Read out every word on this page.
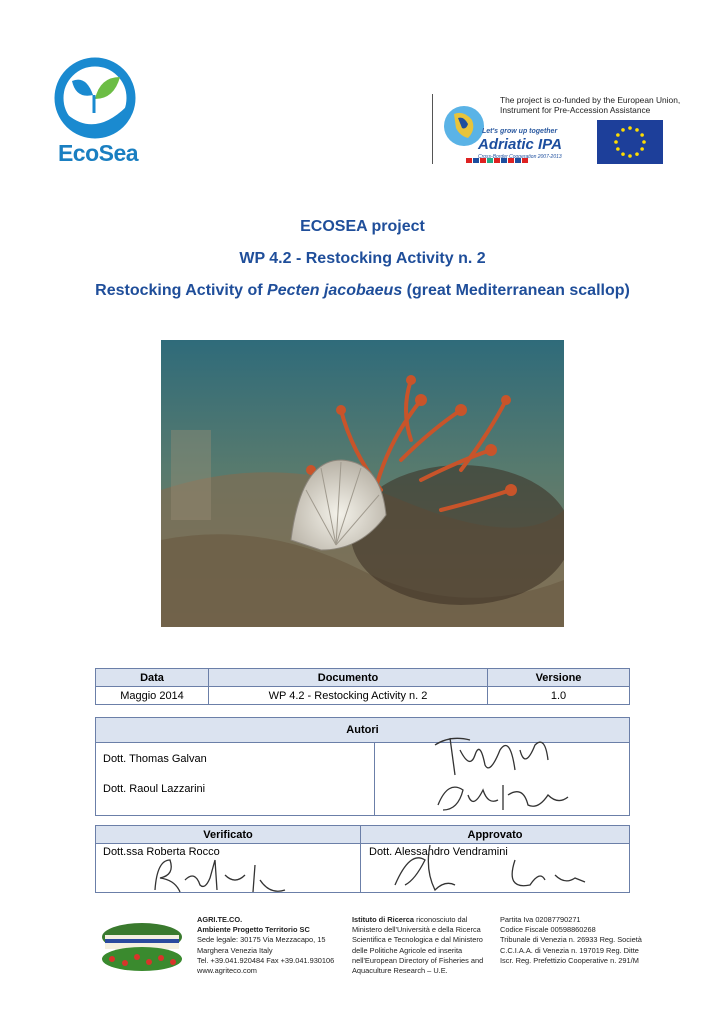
EcoSea
Let's grow up together
Adriatic IPA
Cross-Border Cooperation 2007-2013
The project is co-funded by the European Union,
Instrument for Pre-Accession Assistance
ECOSEA project
WP 4.2 - Restocking Activity n. 2
Restocking Activity of Pecten jacobaeus (great Mediterranean scallop)
Data	Documento	Versione
Maggio 2014	WP 4.2 - Restocking Activity n. 2	1.0
Autori

Dott. Thomas Galvan
Dott. Raoul Lazzarini

Verificato	Approvato
Dott.ssa Roberta Rocco	Dott. Alessandro Vendramini
AGRI.TE.CO.
Ambiente Progetto Territorio SC
Sede legale: 30175 Via Mezzacapo, 15
Marghera Venezia Italy
Tel. +39.041.920484 Fax +39.041.930106
www.agriteco.com
Istituto di Ricerca riconosciuto dal
Ministero dell'Università e della Ricerca
Scientifica e Tecnologica e dal Ministero
delle Politiche Agricole ed inserita
nell'European Directory of Fisheries and
Aquaculture Research – U.E.
Partita Iva 02087790271
Codice Fiscale 00598860268
Tribunale di Venezia n. 26933 Reg. Società
C.C.I.A.A. di Venezia n. 197019 Reg. Ditte
Iscr. Reg. Prefettizio Cooperative n. 291/M
